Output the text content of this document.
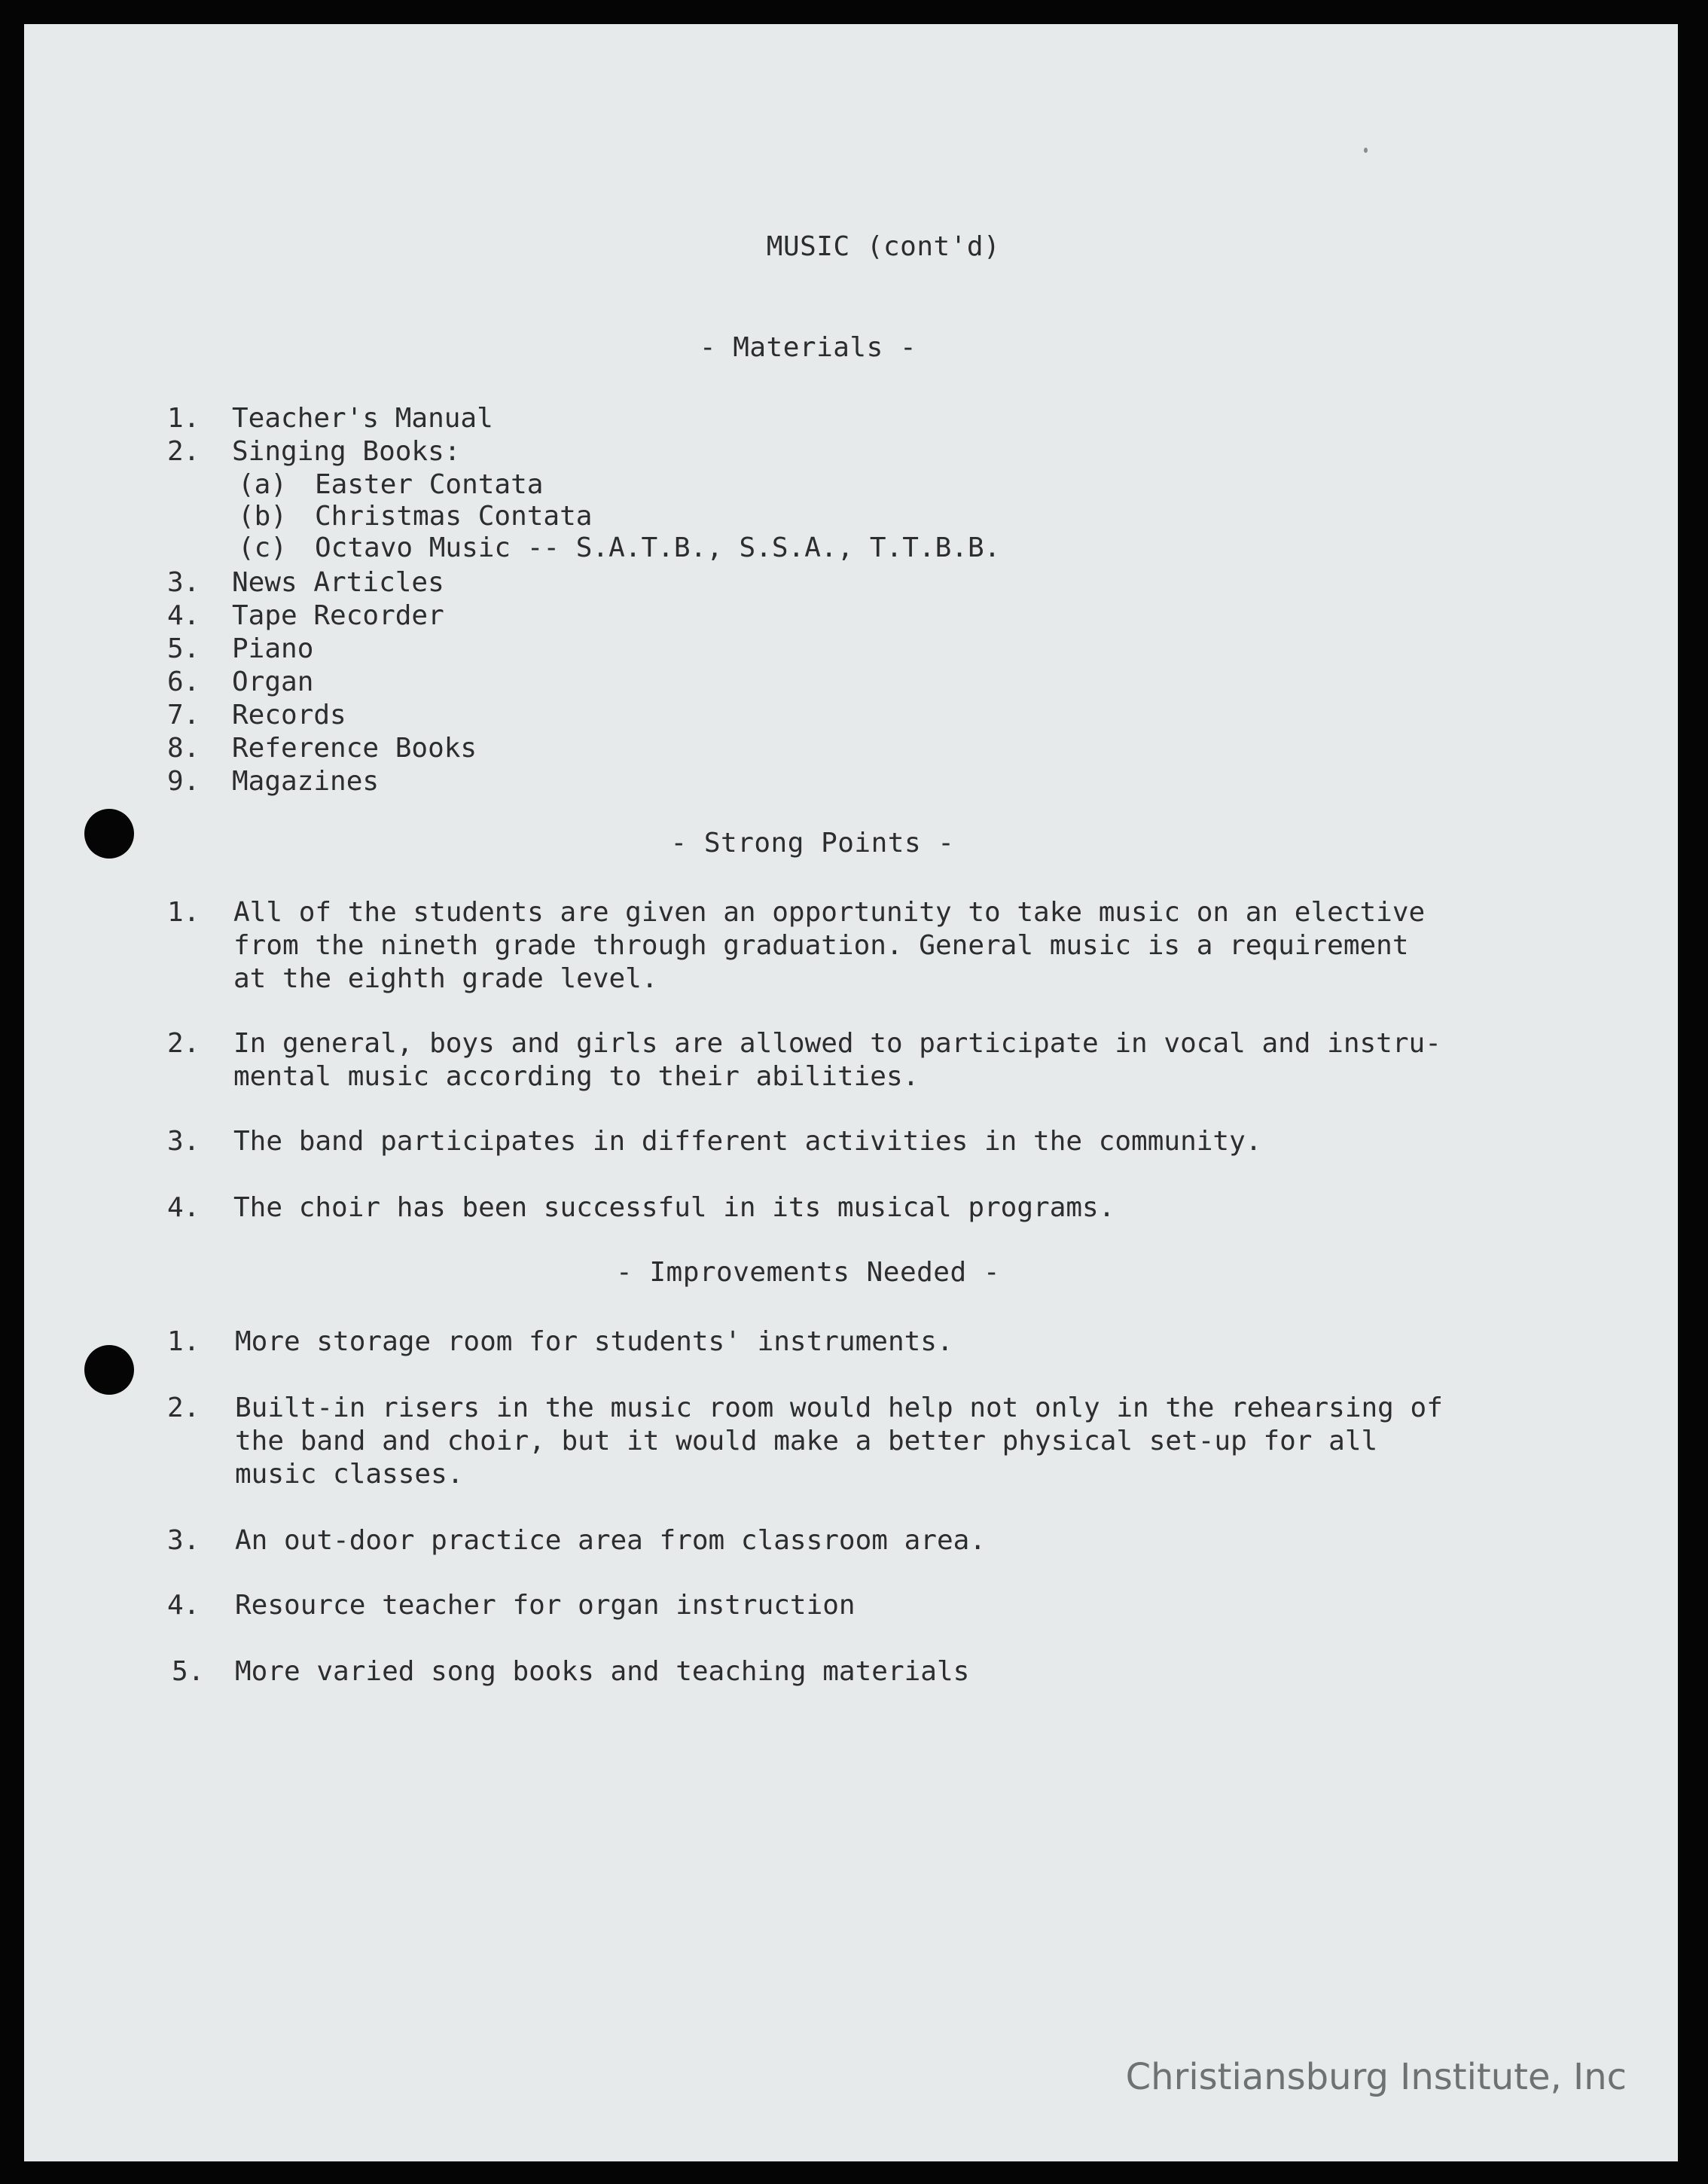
MUSIC (cont'd)
- Materials -
1. Teacher's Manual
2. Singing Books:
(a) Easter Contata
(b) Christmas Contata
(c) Octavo Music -- S.A.T.B., S.S.A., T.T.B.B.
3. News Articles
4. Tape Recorder
5. Piano
6. Organ
7. Records
8. Reference Books
9. Magazines
- Strong Points -
1. All of the students are given an opportunity to take music on an elective
from the nineth grade through graduation. General music is a requirement
at the eighth grade level.
2. In general, boys and girls are allowed to participate in vocal and instru-
mental music according to their abilities.
3. The band participates in different activities in the community.
4. The choir has been successful in its musical programs.
- Improvements Needed -
1. More storage room for students' instruments.
2. Built-in risers in the music room would help not only in the rehearsing of
the band and choir, but it would make a better physical set-up for all
music classes.
3. An out-door practice area from classroom area.
4. Resource teacher for organ instruction
5. More varied song books and teaching materials
Christiansburg Institute, Inc
